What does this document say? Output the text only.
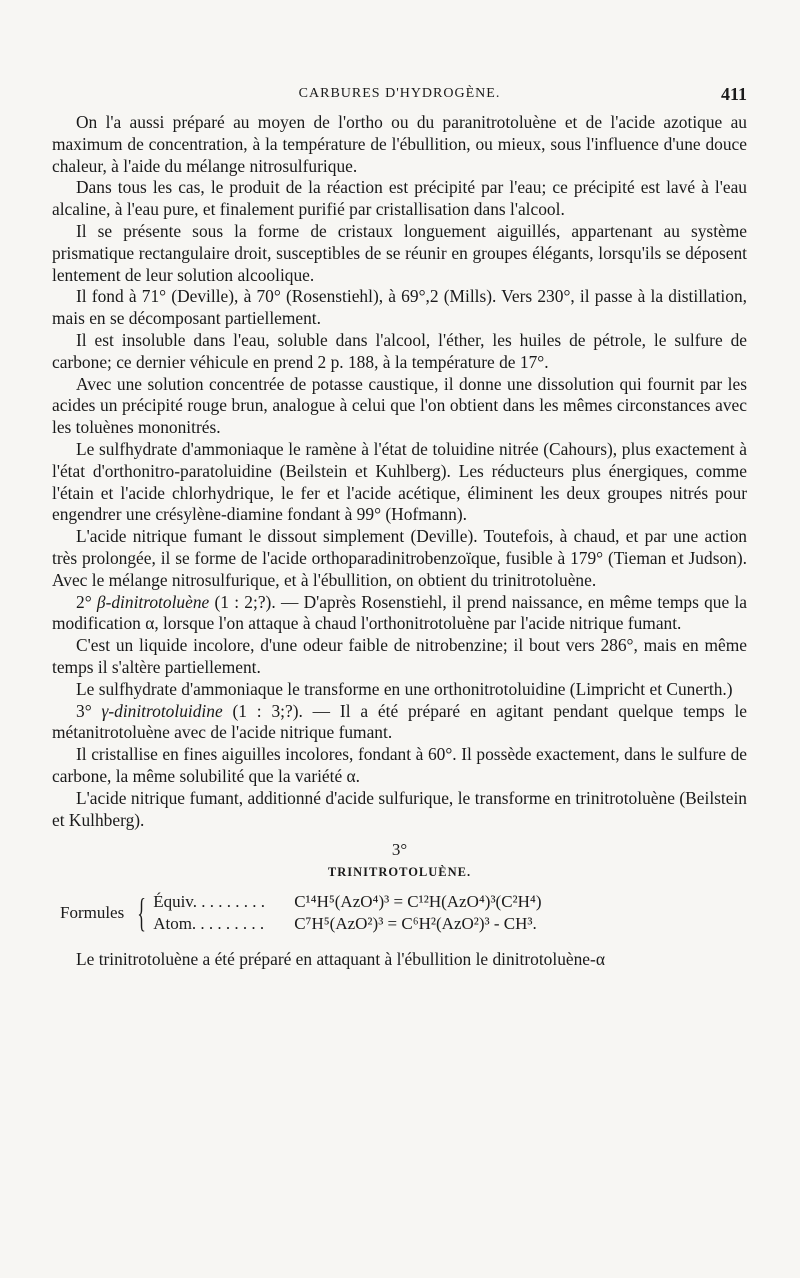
CARBURES D'HYDROGÈNE.	411

On l'a aussi préparé au moyen de l'ortho ou du paranitrotoluène et de l'acide azotique au maximum de concentration, à la température de l'ébullition, ou mieux, sous l'influence d'une douce chaleur, à l'aide du mélange nitrosulfurique.

Dans tous les cas, le produit de la réaction est précipité par l'eau; ce précipité est lavé à l'eau alcaline, à l'eau pure, et finalement purifié par cristallisation dans l'alcool.

Il se présente sous la forme de cristaux longuement aiguillés, appartenant au système prismatique rectangulaire droit, susceptibles de se réunir en groupes élégants, lorsqu'ils se déposent lentement de leur solution alcoolique.

Il fond à 71° (Deville), à 70° (Rosenstiehl), à 69°,2 (Mills). Vers 230°, il passe à la distillation, mais en se décomposant partiellement.

Il est insoluble dans l'eau, soluble dans l'alcool, l'éther, les huiles de pétrole, le sulfure de carbone; ce dernier véhicule en prend 2 p. 188, à la température de 17°.

Avec une solution concentrée de potasse caustique, il donne une dissolution qui fournit par les acides un précipité rouge brun, analogue à celui que l'on obtient dans les mêmes circonstances avec les toluènes mononitrés.

Le sulfhydrate d'ammoniaque le ramène à l'état de toluidine nitrée (Cahours), plus exactement à l'état d'orthonitro-paratoluidine (Beilstein et Kuhlberg). Les réducteurs plus énergiques, comme l'étain et l'acide chlorhydrique, le fer et l'acide acétique, éliminent les deux groupes nitrés pour engendrer une crésylène-diamine fondant à 99° (Hofmann).

L'acide nitrique fumant le dissout simplement (Deville). Toutefois, à chaud, et par une action très prolongée, il se forme de l'acide orthoparadinitrobenzoïque, fusible à 179° (Tieman et Judson). Avec le mélange nitrosulfurique, et à l'ébullition, on obtient du trinitrotoluène.

2° β-dinitrotoluène (1 : 2;?). — D'après Rosenstiehl, il prend naissance, en même temps que la modification α, lorsque l'on attaque à chaud l'orthonitrotoluène par l'acide nitrique fumant.

C'est un liquide incolore, d'une odeur faible de nitrobenzine; il bout vers 286°, mais en même temps il s'altère partiellement.

Le sulfhydrate d'ammoniaque le transforme en une orthonitrotoluidine (Limpricht et Cunerth.)

3° γ-dinitrotoluidine (1 : 3;?). — Il a été préparé en agitant pendant quelque temps le métanitrotoluène avec de l'acide nitrique fumant.

Il cristallise en fines aiguilles incolores, fondant à 60°. Il possède exactement, dans le sulfure de carbone, la même solubilité que la variété α.

L'acide nitrique fumant, additionné d'acide sulfurique, le transforme en trinitrotoluène (Beilstein et Kulhberg).

3°
TRINITROTOLUÈNE.
Formules { Équiv. . . . . . . . .	C¹⁴H⁵(AzO⁴)³ = C¹²H(AzO⁴)³(C²H⁴)
Atom. . . . . . . . .	C⁷H⁵(AzO²)³ = C⁶H²(AzO²)³ - CH³.

Le trinitrotoluène a été préparé en attaquant à l'ébullition le dinitrotoluène-α
